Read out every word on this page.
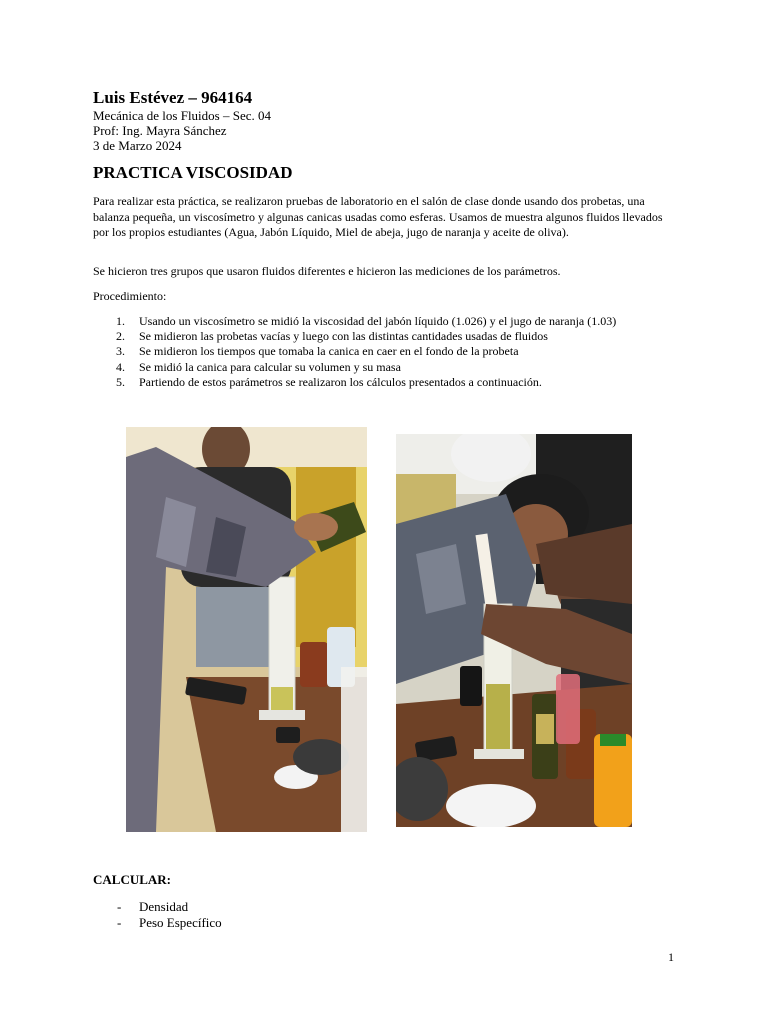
Luis Estévez – 964164
Mecánica de los Fluidos – Sec. 04
Prof: Ing. Mayra Sánchez
3 de Marzo 2024
PRACTICA VISCOSIDAD

Para realizar esta práctica, se realizaron pruebas de laboratorio en el salón de clase donde usando dos probetas, una balanza pequeña, un viscosímetro y algunas canicas usadas como esferas. Usamos de muestra algunos fluidos llevados por los propios estudiantes (Agua, Jabón Líquido, Miel de abeja, jugo de naranja y aceite de oliva).

Se hicieron tres grupos que usaron fluidos diferentes e hicieron las mediciones de los parámetros.

Procedimiento:

1. Usando un viscosímetro se midió la viscosidad del jabón líquido (1.026) y el jugo de naranja (1.03)
2. Se midieron las probetas vacías y luego con las distintas cantidades usadas de fluidos
3. Se midieron los tiempos que tomaba la canica en caer en el fondo de la probeta
4. Se midió la canica para calcular su volumen y su masa
5. Partiendo de estos parámetros se realizaron los cálculos presentados a continuación.
CALCULAR:
- Densidad
- Peso Específico
1
